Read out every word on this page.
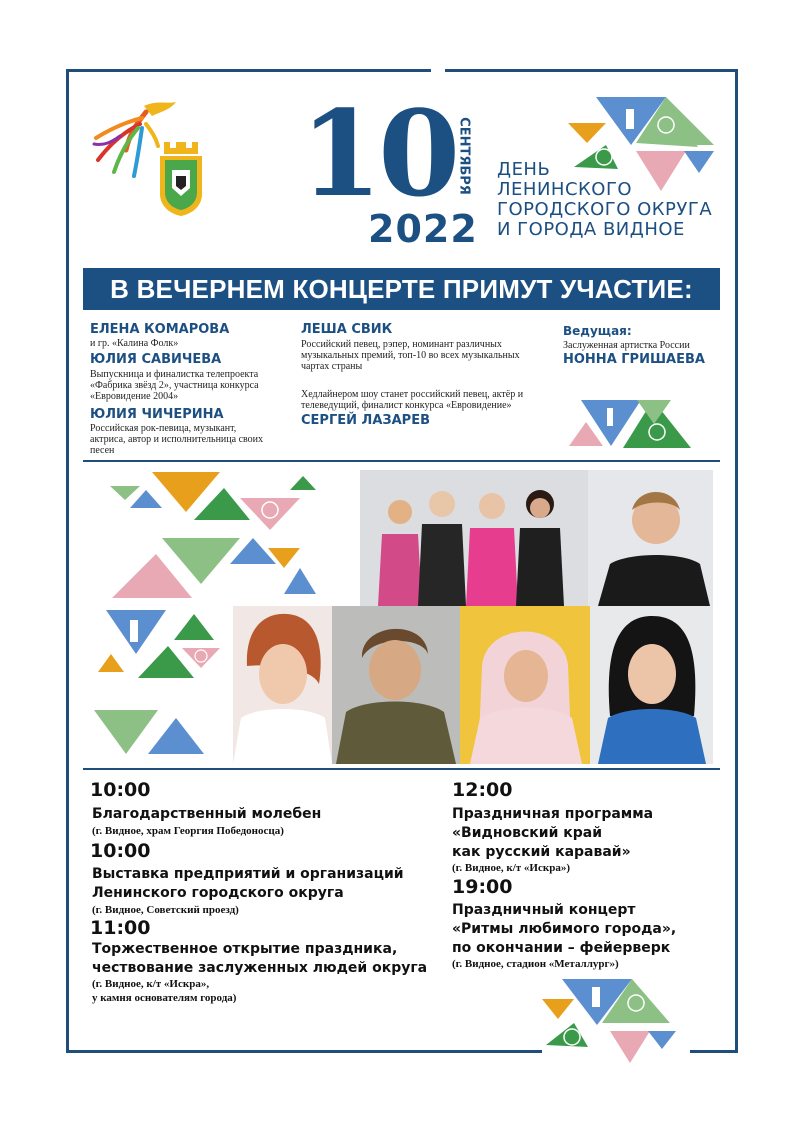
10 СЕНТЯБРЯ
2022
ДЕНЬ
ЛЕНИНСКОГО
ГОРОДСКОГО ОКРУГА
И ГОРОДА ВИДНОЕ
В ВЕЧЕРНЕМ КОНЦЕРТЕ ПРИМУТ УЧАСТИЕ:
ЕЛЕНА КОМАРОВА
и гр. «Калина Фолк»
ЮЛИЯ САВИЧЕВА
Выпускница и финалистка телепроекта «Фабрика звёзд 2», участница конкурса «Евровидение 2004»
ЮЛИЯ ЧИЧЕРИНА
Российская рок-певица, музыкант, актриса, автор и исполнительница своих песен
ЛЕША СВИК
Российский певец, рэпер, номинант различных музыкальных премий, топ-10 во всех музыкальных чартах страны
Хедлайнером шоу станет российский певец, актёр и телеведущий, финалист конкурса «Евровидение»
СЕРГЕЙ ЛАЗАРЕВ
Ведущая:
Заслуженная артистка России
НОННА ГРИШАЕВА
10:00
Благодарственный молебен
(г. Видное, храм Георгия Победоносца)
10:00
Выставка предприятий и организаций
Ленинского городского округа
(г. Видное, Советский проезд)
11:00
Торжественное открытие праздника,
чествование заслуженных людей округа
(г. Видное, к/т «Искра»,
у камня основателям города)
12:00
Праздничная программа
«Видновский край
как русский каравай»
(г. Видное, к/т «Искра»)
19:00
Праздничный концерт
«Ритмы любимого города»,
по окончании – фейерверк
(г. Видное, стадион «Металлург»)
